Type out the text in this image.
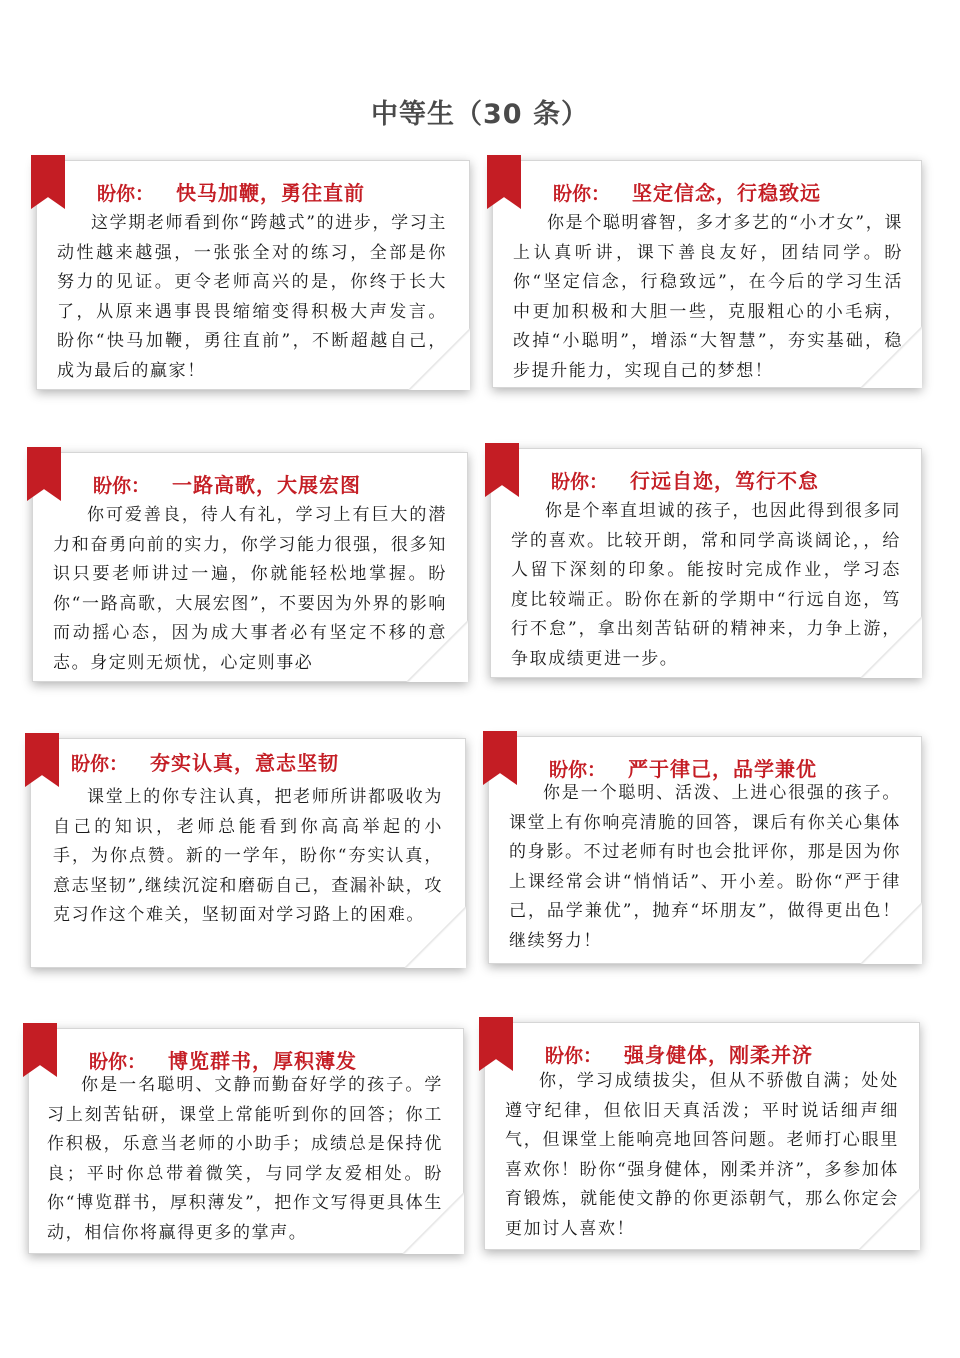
中等生（30 条）
盼你： 快马加鞭，勇往直前
这学期老师看到你“跨越式”的进步，学习主动性越来越强，一张张全对的练习，全部是你努力的见证。更令老师高兴的是，你终于长大了，从原来遇事畏畏缩缩变得积极大声发言。盼你“快马加鞭，勇往直前”，不断超越自己，成为最后的赢家！
盼你： 坚定信念，行稳致远
你是个聪明睿智，多才多艺的“小才女”，课上认真听讲，课下善良友好，团结同学。盼你“坚定信念，行稳致远”，在今后的学习生活中更加积极和大胆一些，克服粗心的小毛病，改掉“小聪明”，增添“大智慧”，夯实基础，稳步提升能力，实现自己的梦想！
盼你： 一路高歌，大展宏图
你可爱善良，待人有礼，学习上有巨大的潜力和奋勇向前的实力，你学习能力很强，很多知识只要老师讲过一遍，你就能轻松地掌握。盼你“一路高歌，大展宏图”，不要因为外界的影响而动摇心态，因为成大事者必有坚定不移的意志。身定则无烦忧，心定则事必
盼你： 行远自迩，笃行不怠
你是个率直坦诚的孩子，也因此得到很多同学的喜欢。比较开朗，常和同学高谈阔论，，给人留下深刻的印象。能按时完成作业，学习态度比较端正。盼你在新的学期中“行远自迩，笃行不怠”，拿出刻苦钻研的精神来，力争上游，争取成绩更进一步。
盼你： 夯实认真，意志坚韧
课堂上的你专注认真，把老师所讲都吸收为自己的知识，老师总能看到你高高举起的小手，为你点赞。新的一学年，盼你“夯实认真，意志坚韧”,继续沉淀和磨砺自己，查漏补缺，攻克习作这个难关，坚韧面对学习路上的困难。
盼你： 严于律己，品学兼优
你是一个聪明、活泼、上进心很强的孩子。课堂上有你响亮清脆的回答，课后有你关心集体的身影。不过老师有时也会批评你，那是因为你上课经常会讲“悄悄话”、开小差。盼你“严于律己，品学兼优”，抛弃“坏朋友”，做得更出色！继续努力！
盼你： 博览群书，厚积薄发
你是一名聪明、文静而勤奋好学的孩子。学习上刻苦钻研，课堂上常能听到你的回答；你工作积极，乐意当老师的小助手；成绩总是保持优良；平时你总带着微笑，与同学友爱相处。盼你“博览群书，厚积薄发”，把作文写得更具体生动，相信你将赢得更多的掌声。
盼你： 强身健体，刚柔并济
你，学习成绩拔尖，但从不骄傲自满；处处遵守纪律，但依旧天真活泼；平时说话细声细气，但课堂上能响亮地回答问题。老师打心眼里喜欢你！盼你“强身健体，刚柔并济”，多参加体育锻炼，就能使文静的你更添朝气，那么你定会更加讨人喜欢！
